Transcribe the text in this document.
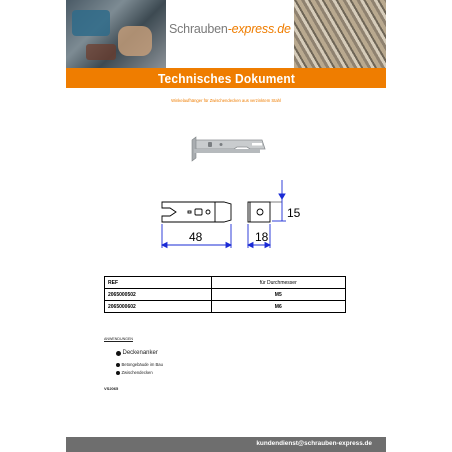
Schrauben-express.de
Technisches Dokument
Winkelaufhänger für Zwischendecken aus verzinktem Stahl
15
48	18
REF	für Durchmesser
2065000502	M5
2065000602	M6
ANWENDUNGEN
Deckenanker
Betongebäude im Bau
Zwischendecken
VS2065
kundendienst@schrauben-express.de
